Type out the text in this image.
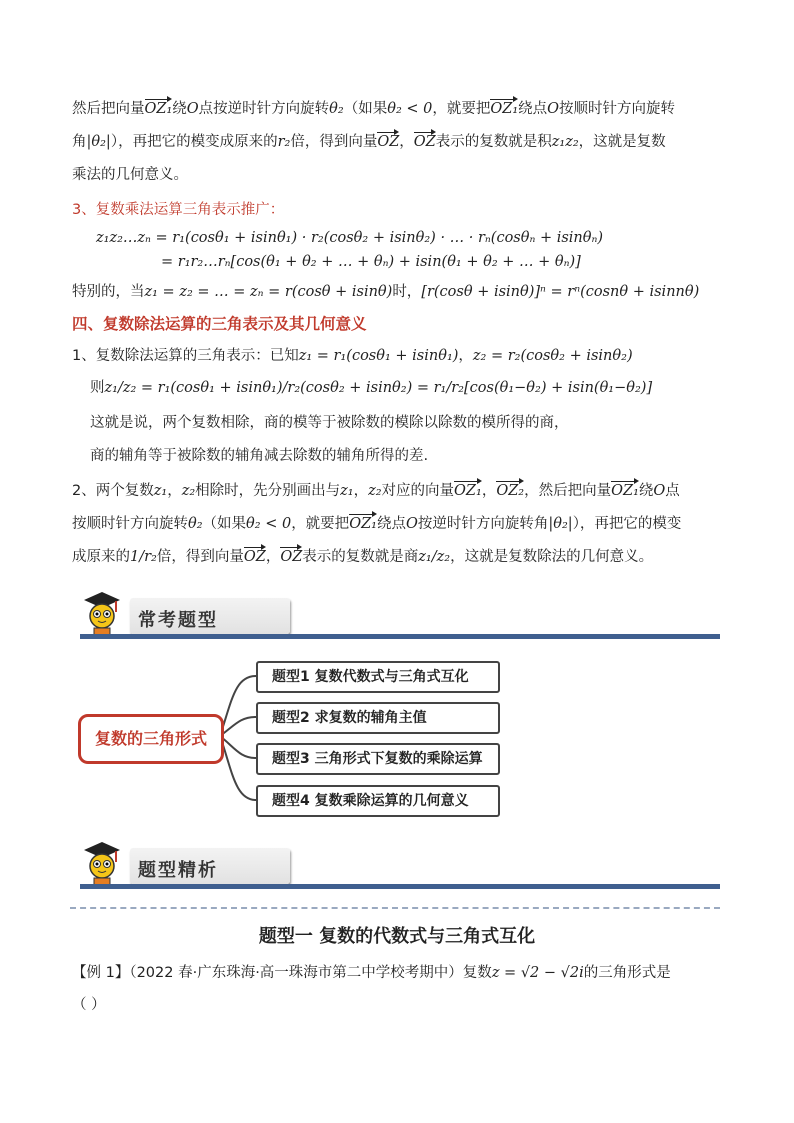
然后把向量OZ₁绕O点按逆时针方向旋转θ₂（如果θ₂ < 0，就要把OZ₁绕点O按顺时针方向旋转
角|θ₂|），再把它的模变成原来的r₂倍，得到向量OZ，OZ表示的复数就是积z₁z₂，这就是复数
乘法的几何意义。
3、复数乘法运算三角表示推广：
z₁z₂…zₙ = r₁(cosθ₁ + isinθ₁) · r₂(cosθ₂ + isinθ₂) · … · rₙ(cosθₙ + isinθₙ)
= r₁r₂…rₙ[cos(θ₁ + θ₂ + … + θₙ) + isin(θ₁ + θ₂ + … + θₙ)]
特别的，当z₁ = z₂ = … = zₙ = r(cosθ + isinθ)时，[r(cosθ + isinθ)]ⁿ = rⁿ(cosnθ + isinnθ)
四、复数除法运算的三角表示及其几何意义
1、复数除法运算的三角表示：已知z₁ = r₁(cosθ₁ + isinθ₁)，z₂ = r₂(cosθ₂ + isinθ₂)
则z₁/z₂ = r₁(cosθ₁ + isinθ₁)/r₂(cosθ₂ + isinθ₂) = r₁/r₂[cos(θ₁−θ₂) + isin(θ₁−θ₂)]
这就是说，两个复数相除，商的模等于被除数的模除以除数的模所得的商，
商的辅角等于被除数的辅角减去除数的辅角所得的差.
2、两个复数z₁，z₂相除时，先分别画出与z₁，z₂对应的向量OZ₁，OZ₂，然后把向量OZ₁绕O点
按顺时针方向旋转θ₂（如果θ₂ < 0，就要把OZ₁绕点O按逆时针方向旋转角|θ₂|），再把它的模变
成原来的1/r₂倍，得到向量OZ，OZ表示的复数就是商z₁/z₂，这就是复数除法的几何意义。
常考题型
复数的三角形式
题型1 复数代数式与三角式互化
题型2 求复数的辅角主值
题型3 三角形式下复数的乘除运算
题型4 复数乘除运算的几何意义
题型精析
题型一 复数的代数式与三角式互化
【例 1】（2022 春·广东珠海·高一珠海市第二中学校考期中）复数z = √2 − √2i的三角形式是
（ ）
